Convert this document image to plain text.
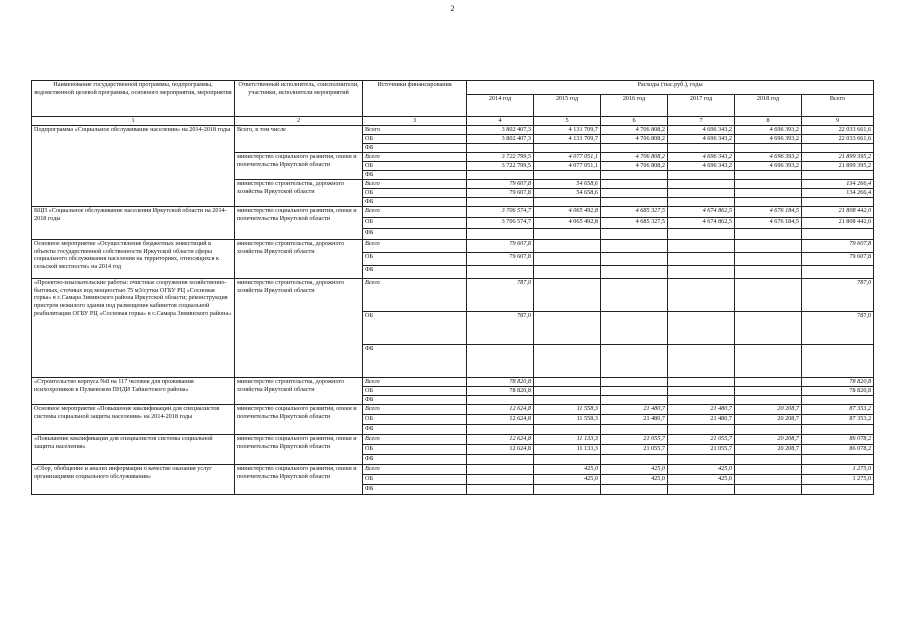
2
Наименование государственной программы, подпрограммы, ведомственной целевой программы, основного мероприятия, мероприятия	Ответственный исполнитель, соисполнители, участники, исполнители мероприятий	Источники финансирования	Расходы (тыс.руб.), годы					
			2014 год	2015 год	2016 год	2017 год	2018 год	Всего
1	2	3	4	5	6	7	8	9
Подпрограмма «Социальное обслуживание населения» на 2014-2018 годы	Всего, в том числе	Всего	3 802 407,3	4 131 709,7	4 706 808,2	4 696 343,2	4 696 393,2	22 033 661,6
		ОБ	3 802 407,3	4 131 709,7	4 706 808,2	4 696 343,2	4 696 393,2	22 033 661,6
		ФБ						
	министерство социального развития, опеки и попечительства Иркутской области	Всего	3 722 799,5	4 077 051,1	4 706 808,2	4 696 343,2	4 696 393,2	21 899 395,2
		ОБ	3 722 799,5	4 077 051,1	4 706 808,2	4 696 343,2	4 696 393,2	21 899 395,2
		ФБ						
	министерство строительства, дорожного хозяйства Иркутской области	Всего	79 607,8	54 658,6				134 266,4
		ОБ	79 607,8	54 658,6				134 266,4
		ФБ						
ВЦП «Социальное обслуживание населения Иркутской области на 2014-2018 годы	министерство социального развития, опеки и попечительства Иркутской области	Всего	3 706 574,7	4 065 492,8	4 685 327,5	4 674 862,5	4 676 184,5	21 808 442,0
		ОБ	3 706 574,7	4 065 492,8	4 685 327,5	4 674 862,5	4 676 184,5	21 808 442,0
		ФБ						
Основное мероприятие «Осуществление бюджетных инвестиций в объекты государственной собственности Иркутской области сферы социального обслуживания населения на территориях, относящихся к сельской местности» на 2014 год	министерство строительства, дорожного хозяйства Иркутской области	Всего	79 607,8					79 607,8
		ОБ	79 607,8					79 607,8
		ФБ						
«Проектно-изыскательские работы: очистные сооружения хозяйственно-бытовых, сточных вод мощностью 75 м3/сутки ОГБУ РЦ «Сосновая горка» в с.Самара Зиминского района Иркутской области; реконструкция пристроя нежилого здания под размещение кабинетов социальной реабилитации ОГБУ РЦ «Сосновая горка» в с.Самара Зиминского района»	министерство строительства, дорожного хозяйства Иркутской области	Всего	787,0					787,0
		ОБ	787,0					787,0
		ФБ						
«Строительство корпуса №8 на 117 человек для проживания психохроников в Пуляевском ПНДИ Тайшетского района»	министерство строительства, дорожного хозяйства Иркутской области	Всего	78 820,8					78 820,8
		ОБ	78 820,8					78 820,8
		ФБ						
Основное мероприятие «Повышение квалификации для специалистов системы социальной защиты населения» на 2014-2018 годы	министерство социального развития, опеки и попечительства Иркутской области	Всего	12 624,8	11 558,3	21 480,7	21 480,7	20 208,7	87 353,2
		ОБ	12 624,8	11 558,3	21 480,7	21 480,7	20 208,7	87 353,2
		ФБ						
«Повышение квалификации для специалистов системы социальной защиты населения»	министерство социального развития, опеки и попечительства Иркутской области	Всего	12 624,8	11 133,3	21 055,7	21 055,7	20 208,7	86 078,2
		ОБ	12 624,8	11 133,3	21 055,7	21 055,7	20 208,7	86 078,2
		ФБ						
«Сбор, обобщение и анализ информации о качестве оказания услуг организациями социального обслуживания»	министерство социального развития, опеки и попечительства Иркутской области	Всего		425,0	425,0	425,0		1 275,0
		ОБ		425,0	425,0	425,0		1 275,0
		ФБ						
